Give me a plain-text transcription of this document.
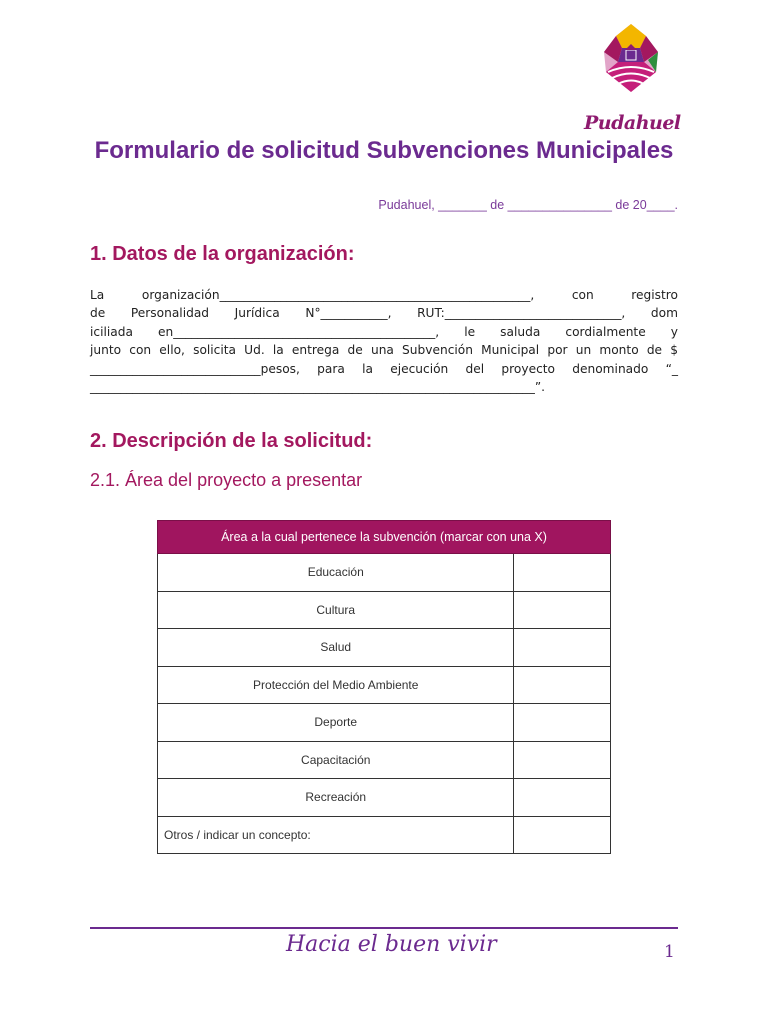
Pudahuel
Formulario de solicitud Subvenciones Municipales
Pudahuel, _______ de _______________ de 20____.
1. Datos de la organización:
La organización___________________________________________________, con registro
de Personalidad Jurídica N°___________, RUT:_____________________________, dom
iciliada en___________________________________________, le saluda cordialmente y
junto con ello, solicita Ud. la entrega de una Subvención Municipal por un monto de $
____________________________pesos, para la ejecución del proyecto denominado “_
_________________________________________________________________________”.
2. Descripción de la solicitud:
2.1. Área del proyecto a presentar
Área a la cual pertenece la subvención (marcar con una X)	
Educación	
Cultura	
Salud	
Protección del Medio Ambiente	
Deporte	
Capacitación	
Recreación	
Otros / indicar un concepto:	
Hacia el buen vivir	1
